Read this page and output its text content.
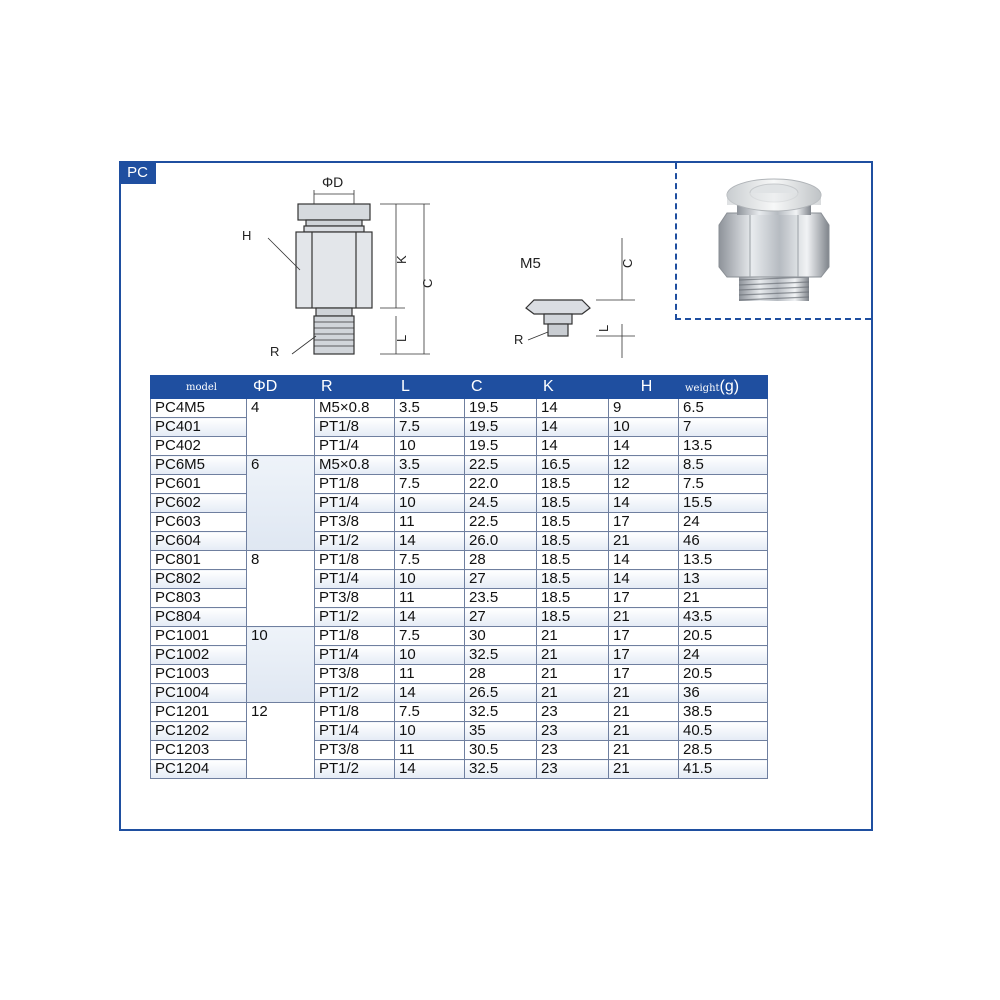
PC
ΦD
H
K
C
L
R
M5	C
L
R
model	ΦD	R	L	C	K	H	weight(g)
PC4M5	4	M5×0.8	3.5	19.5	14	9	6.5
PC401		PT1/8	7.5	19.5	14	10	7
PC402		PT1/4	10	19.5	14	14	13.5
PC6M5	6	M5×0.8	3.5	22.5	16.5	12	8.5
PC601		PT1/8	7.5	22.0	18.5	12	7.5
PC602		PT1/4	10	24.5	18.5	14	15.5
PC603		PT3/8	11	22.5	18.5	17	24
PC604		PT1/2	14	26.0	18.5	21	46
PC801	8	PT1/8	7.5	28	18.5	14	13.5
PC802		PT1/4	10	27	18.5	14	13
PC803		PT3/8	11	23.5	18.5	17	21
PC804		PT1/2	14	27	18.5	21	43.5
PC1001	10	PT1/8	7.5	30	21	17	20.5
PC1002		PT1/4	10	32.5	21	17	24
PC1003		PT3/8	11	28	21	17	20.5
PC1004		PT1/2	14	26.5	21	21	36
PC1201	12	PT1/8	7.5	32.5	23	21	38.5
PC1202		PT1/4	10	35	23	21	40.5
PC1203		PT3/8	11	30.5	23	21	28.5
PC1204		PT1/2	14	32.5	23	21	41.5
